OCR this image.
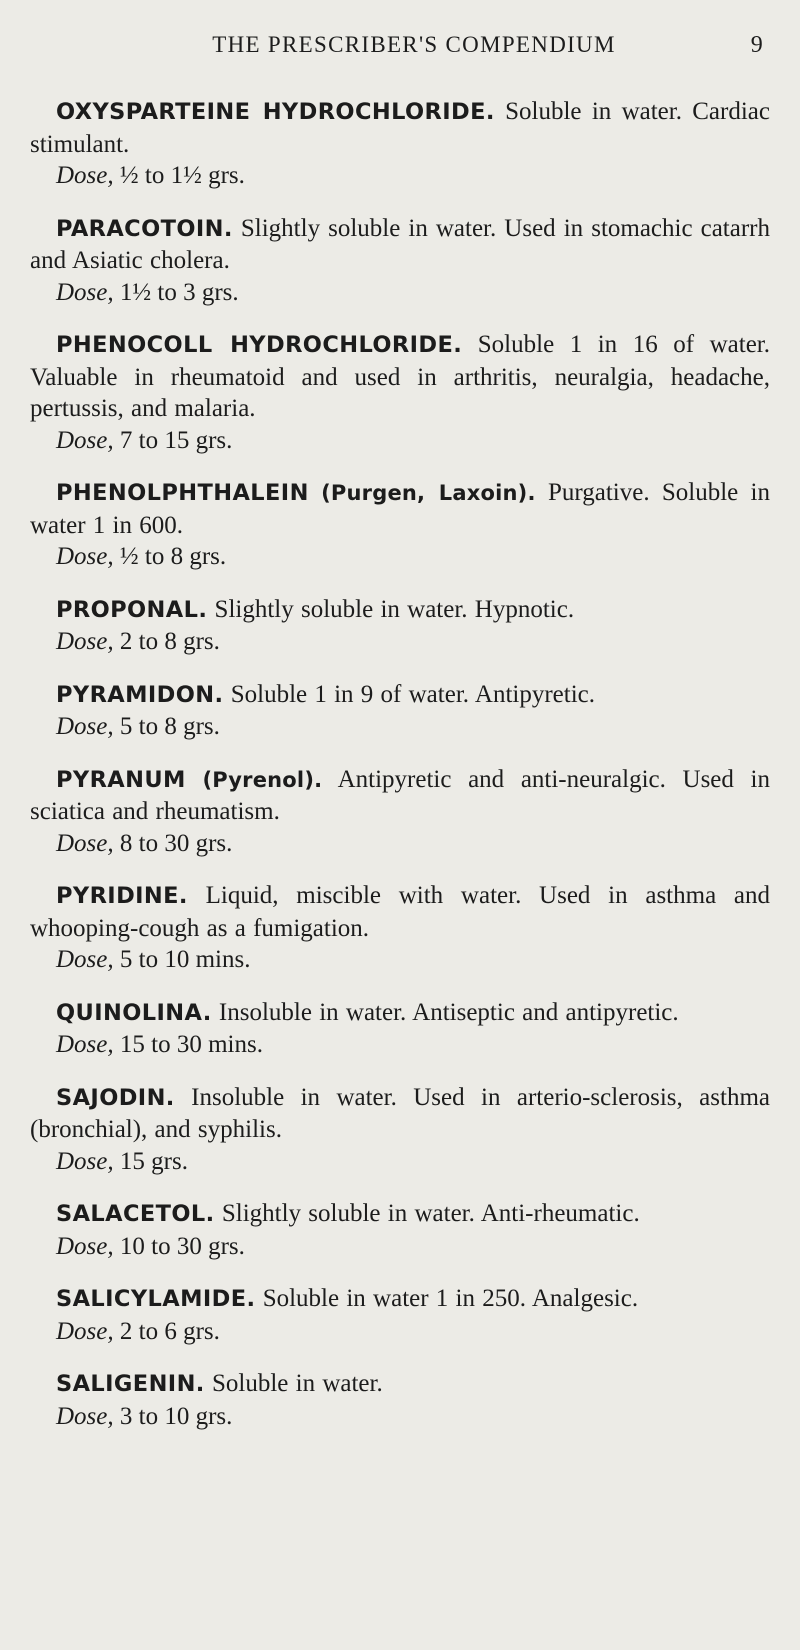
THE PRESCRIBER'S COMPENDIUM	9

OXYSPARTEINE HYDROCHLORIDE. Soluble in water. Cardiac stimulant.

Dose, ½ to 1½ grs.

PARACOTOIN. Slightly soluble in water. Used in stomachic catarrh and Asiatic cholera.

Dose, 1½ to 3 grs.

PHENOCOLL HYDROCHLORIDE. Soluble 1 in 16 of water. Valuable in rheumatoid and used in arthritis, neuralgia, headache, pertussis, and malaria.

Dose, 7 to 15 grs.

PHENOLPHTHALEIN (Purgen, Laxoin). Purgative. Soluble in water 1 in 600.

Dose, ½ to 8 grs.

PROPONAL. Slightly soluble in water. Hypnotic.

Dose, 2 to 8 grs.

PYRAMIDON. Soluble 1 in 9 of water. Antipyretic.

Dose, 5 to 8 grs.

PYRANUM (Pyrenol). Antipyretic and anti-neuralgic. Used in sciatica and rheumatism.

Dose, 8 to 30 grs.

PYRIDINE. Liquid, miscible with water. Used in asthma and whooping-cough as a fumigation.

Dose, 5 to 10 mins.

QUINOLINA. Insoluble in water. Antiseptic and antipyretic.

Dose, 15 to 30 mins.

SAJODIN. Insoluble in water. Used in arterio-sclerosis, asthma (bronchial), and syphilis.

Dose, 15 grs.

SALACETOL. Slightly soluble in water. Anti-rheumatic.

Dose, 10 to 30 grs.

SALICYLAMIDE. Soluble in water 1 in 250. Analgesic.

Dose, 2 to 6 grs.

SALIGENIN. Soluble in water.

Dose, 3 to 10 grs.
